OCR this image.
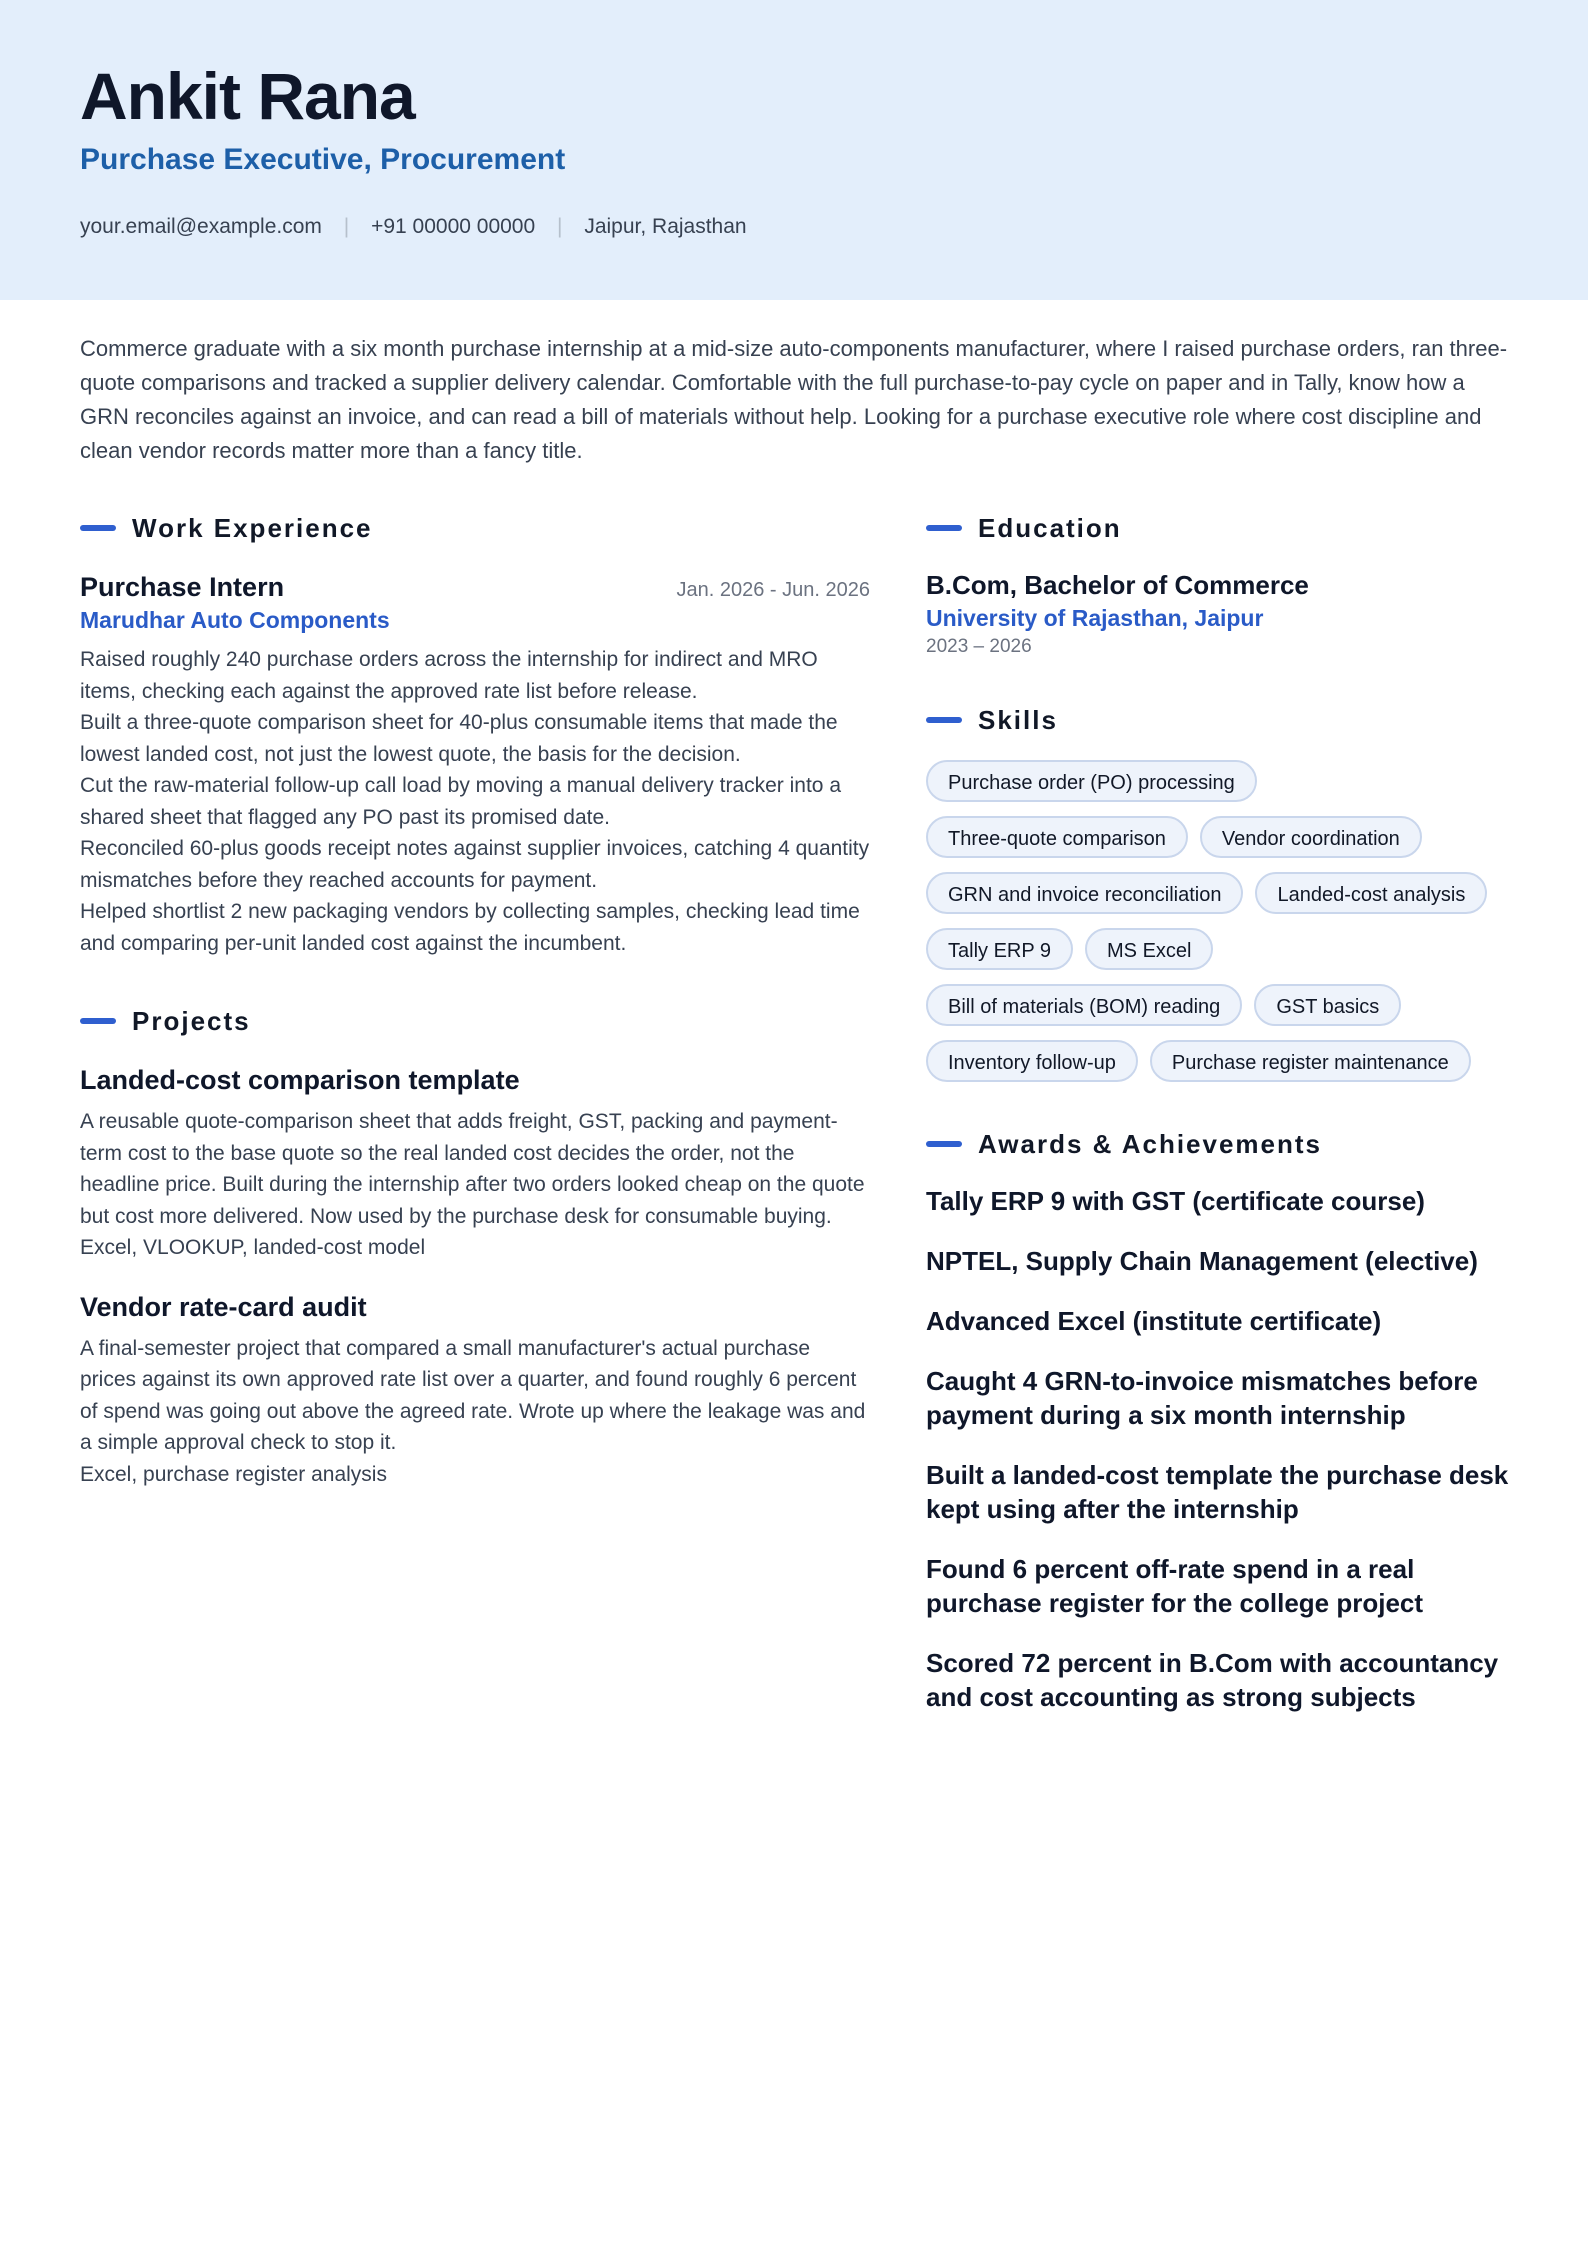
Ankit Rana
Purchase Executive, Procurement
your.email@example.com | +91 00000 00000 | Jaipur, Rajasthan
Commerce graduate with a six month purchase internship at a mid-size auto-components manufacturer, where I raised purchase orders, ran three-quote comparisons and tracked a supplier delivery calendar. Comfortable with the full purchase-to-pay cycle on paper and in Tally, know how a GRN reconciles against an invoice, and can read a bill of materials without help. Looking for a purchase executive role where cost discipline and clean vendor records matter more than a fancy title.
Work Experience
Purchase Intern	Jan. 2026 - Jun. 2026
Marudhar Auto Components
Raised roughly 240 purchase orders across the internship for indirect and MRO items, checking each against the approved rate list before release.
Built a three-quote comparison sheet for 40-plus consumable items that made the lowest landed cost, not just the lowest quote, the basis for the decision.
Cut the raw-material follow-up call load by moving a manual delivery tracker into a shared sheet that flagged any PO past its promised date.
Reconciled 60-plus goods receipt notes against supplier invoices, catching 4 quantity mismatches before they reached accounts for payment.
Helped shortlist 2 new packaging vendors by collecting samples, checking lead time and comparing per-unit landed cost against the incumbent.
Projects
Landed-cost comparison template
A reusable quote-comparison sheet that adds freight, GST, packing and payment-term cost to the base quote so the real landed cost decides the order, not the headline price. Built during the internship after two orders looked cheap on the quote but cost more delivered. Now used by the purchase desk for consumable buying.
Excel, VLOOKUP, landed-cost model
Vendor rate-card audit
A final-semester project that compared a small manufacturer's actual purchase prices against its own approved rate list over a quarter, and found roughly 6 percent of spend was going out above the agreed rate. Wrote up where the leakage was and a simple approval check to stop it.
Excel, purchase register analysis
Education
B.Com, Bachelor of Commerce
University of Rajasthan, Jaipur
2023 – 2026
Skills
Purchase order (PO) processing
Three-quote comparison	Vendor coordination
GRN and invoice reconciliation	Landed-cost analysis
Tally ERP 9	MS Excel
Bill of materials (BOM) reading	GST basics
Inventory follow-up	Purchase register maintenance
Awards & Achievements
Tally ERP 9 with GST (certificate course)
NPTEL, Supply Chain Management (elective)
Advanced Excel (institute certificate)
Caught 4 GRN-to-invoice mismatches before payment during a six month internship
Built a landed-cost template the purchase desk kept using after the internship
Found 6 percent off-rate spend in a real purchase register for the college project
Scored 72 percent in B.Com with accountancy and cost accounting as strong subjects
